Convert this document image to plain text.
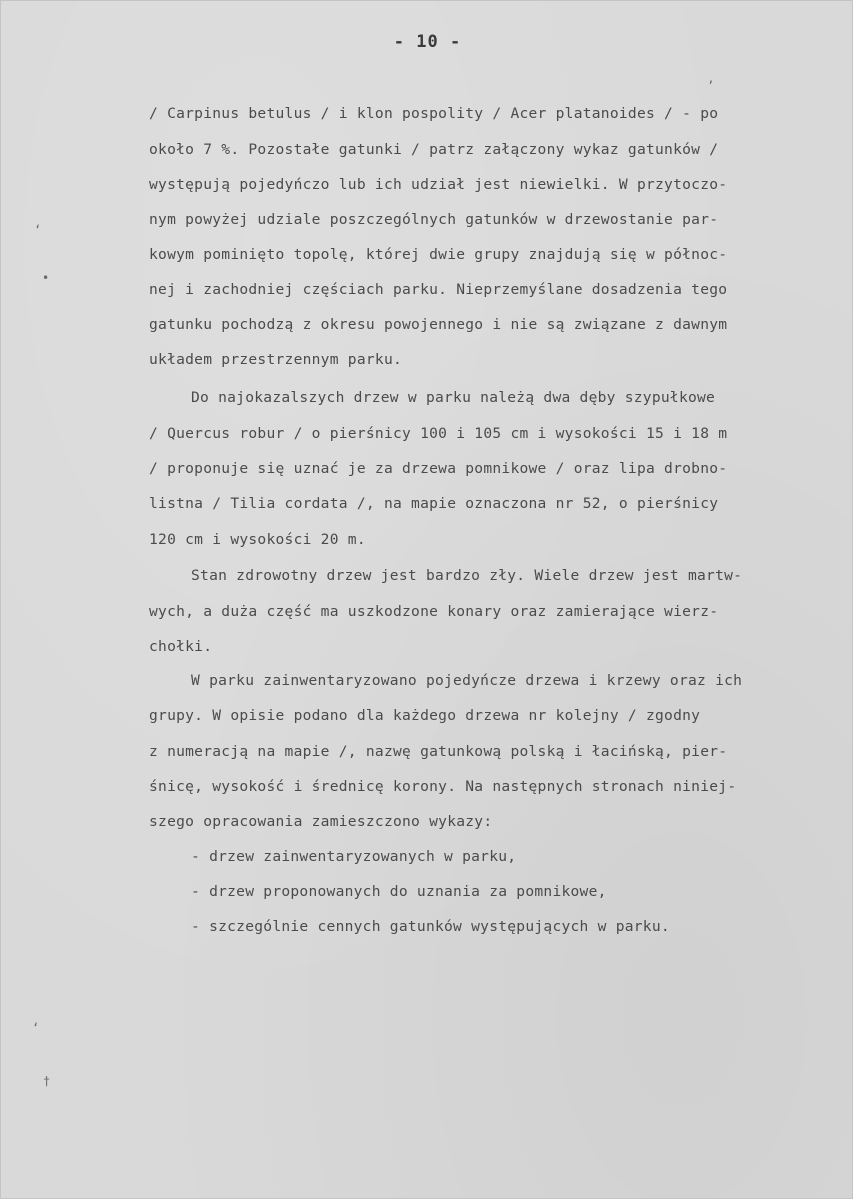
- 10 -
/ Carpinus betulus / i klon pospolity / Acer platanoides / - po
około 7 %. Pozostałe gatunki / patrz załączony wykaz gatunków /
występują pojedyńczo lub ich udział jest niewielki. W przytoczo-
nym powyżej udziale poszczególnych gatunków w drzewostanie par-
kowym pominięto topolę, której dwie grupy znajdują się w północ-
nej i zachodniej częściach parku. Nieprzemyślane dosadzenia tego
gatunku pochodzą z okresu powojennego i nie są związane z dawnym
układem przestrzennym parku.
Do najokazalszych drzew w parku należą dwa dęby szypułkowe
/ Quercus robur / o pierśnicy 100 i 105 cm i wysokości 15 i 18 m
/ proponuje się uznać je za drzewa pomnikowe / oraz lipa drobno-
listna / Tilia cordata /, na mapie oznaczona nr 52, o pierśnicy
120 cm i wysokości 20 m.
Stan zdrowotny drzew jest bardzo zły. Wiele drzew jest martw-
wych, a duża część ma uszkodzone konary oraz zamierające wierz-
chołki.
W parku zainwentaryzowano pojedyńcze drzewa i krzewy oraz ich
grupy. W opisie podano dla każdego drzewa nr kolejny / zgodny
z numeracją na mapie /, nazwę gatunkową polską i łacińską, pier-
śnicę, wysokość i średnicę korony. Na następnych stronach niniej-
szego opracowania zamieszczono wykazy:
- drzew zainwentaryzowanych w parku,
- drzew proponowanych do uznania za pomnikowe,
- szczególnie cennych gatunków występujących w parku.
‘
•
‘
†
’
